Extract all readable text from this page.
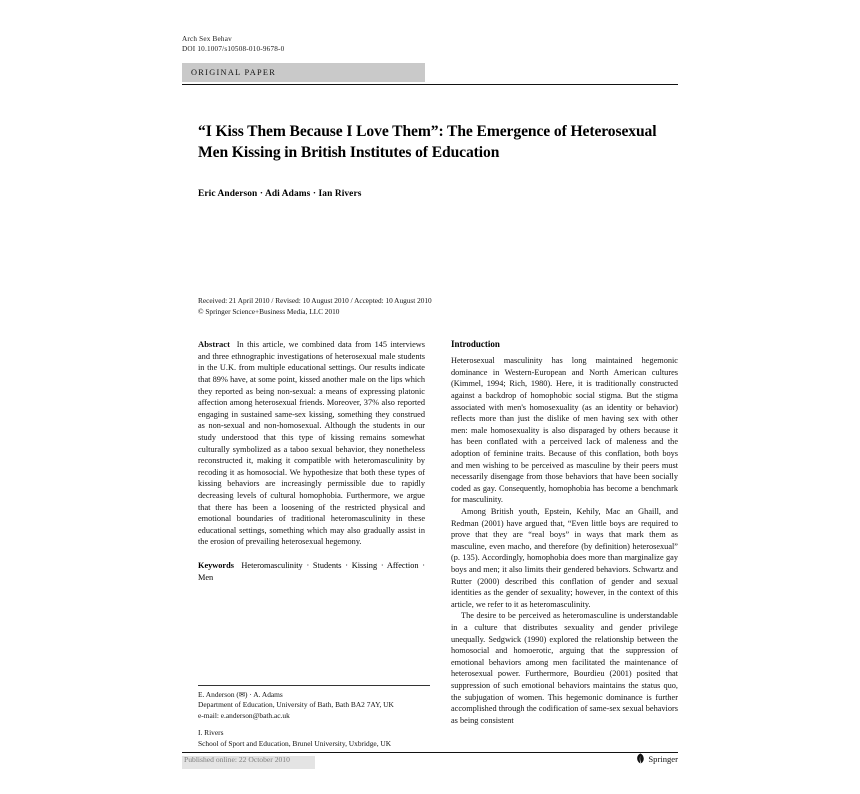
Arch Sex Behav
DOI 10.1007/s10508-010-9678-0
ORIGINAL PAPER
“I Kiss Them Because I Love Them”: The Emergence of Heterosexual Men Kissing in British Institutes of Education
Eric Anderson · Adi Adams · Ian Rivers
Received: 21 April 2010 / Revised: 10 August 2010 / Accepted: 10 August 2010
© Springer Science+Business Media, LLC 2010

Abstract In this article, we combined data from 145 interviews and three ethnographic investigations of heterosexual male students in the U.K. from multiple educational settings. Our results indicate that 89% have, at some point, kissed another male on the lips which they reported as being non-sexual: a means of expressing platonic affection among heterosexual friends. Moreover, 37% also reported engaging in sustained same-sex kissing, something they construed as non-sexual and non-homosexual. Although the students in our study understood that this type of kissing remains somewhat culturally symbolized as a taboo sexual behavior, they nonetheless reconstructed it, making it compatible with heteromasculinity by recoding it as homosocial. We hypothesize that both these types of kissing behaviors are increasingly permissible due to rapidly decreasing levels of cultural homophobia. Furthermore, we argue that there has been a loosening of the restricted physical and emotional boundaries of traditional heteromasculinity in these educational settings, something which may also gradually assist in the erosion of prevailing heterosexual hegemony.

Keywords Heteromasculinity · Students · Kissing · Affection · Men

Introduction

Heterosexual masculinity has long maintained hegemonic dominance in Western-European and North American cultures (Kimmel, 1994; Rich, 1980). Here, it is traditionally constructed against a backdrop of homophobic social stigma. But the stigma associated with men's homosexuality (as an identity or behavior) reflects more than just the dislike of men having sex with other men: male homosexuality is also disparaged by others because it has been conflated with a perceived lack of maleness and the adoption of feminine traits. Because of this conflation, both boys and men wishing to be perceived as masculine by their peers must necessarily disengage from those behaviors that have been socially coded as gay. Consequently, homophobia has become a benchmark for masculinity.

Among British youth, Epstein, Kehily, Mac an Ghaill, and Redman (2001) have argued that, “Even little boys are required to prove that they are “real boys” in ways that mark them as masculine, even macho, and therefore (by definition) heterosexual” (p. 135). Accordingly, homophobia does more than marginalize gay boys and men; it also limits their gendered behaviors. Schwartz and Rutter (2000) described this conflation of gender and sexual identities as the gender of sexuality; however, in the context of this article, we refer to it as heteromasculinity.

The desire to be perceived as heteromasculine is understandable in a culture that distributes sexuality and gender privilege unequally. Sedgwick (1990) explored the relationship between the homosocial and homoerotic, arguing that the suppression of emotional behaviors among men facilitated the maintenance of heterosexual power. Furthermore, Bourdieu (2001) posited that suppression of such emotional behaviors maintains the status quo, the subjugation of women. This hegemonic dominance is further accomplished through the codification of same-sex sexual behaviors as being consistent

E. Anderson (✉) · A. Adams
Department of Education, University of Bath, Bath BA2 7AY, UK
e-mail: e.anderson@bath.ac.uk
I. Rivers
School of Sport and Education, Brunel University, Uxbridge, UK
Springer
